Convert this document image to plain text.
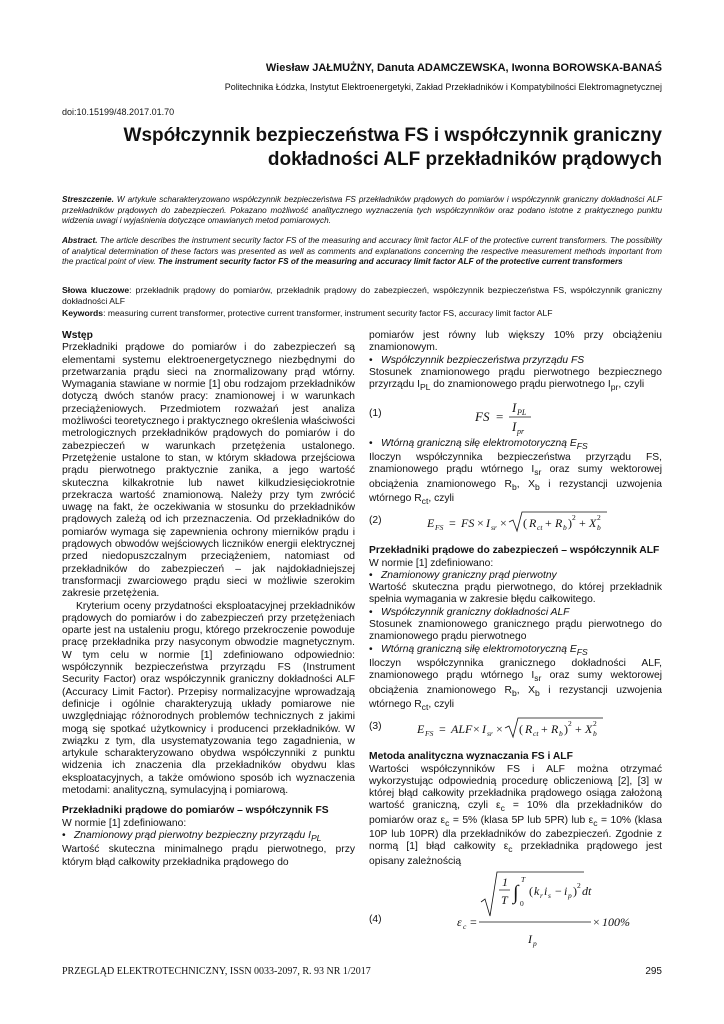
Wiesław JAŁMUŻNY, Danuta ADAMCZEWSKA, Iwonna BOROWSKA-BANAŚ
Politechnika Łódzka, Instytut Elektroenergetyki, Zakład Przekładników i Kompatybilności Elektromagnetycznej
doi:10.15199/48.2017.01.70
Współczynnik bezpieczeństwa FS i współczynnik graniczny
dokładności ALF przekładników prądowych
Streszczenie. W artykule scharakteryzowano współczynnik bezpieczeństwa FS przekładników prądowych do pomiarów i współczynnik graniczny dokładności ALF przekładników prądowych do zabezpieczeń. Pokazano możliwość analitycznego wyznaczenia tych współczynników oraz podano istotne z praktycznego punktu widzenia uwagi i wyjaśnienia dotyczące omawianych metod pomiarowych.
Abstract. The article describes the instrument security factor FS of the measuring and accuracy limit factor ALF of the protective current transformers. The possibility of analytical determination of these factors was presented as well as comments and explanations concerning the respective measurement methods important from the practical point of view. The instrument security factor FS of the measuring and accuracy limit factor ALF of the protective current transformers
Słowa kluczowe: przekładnik prądowy do pomiarów, przekładnik prądowy do zabezpieczeń, współczynnik bezpieczeństwa FS, współczynnik graniczny dokładności ALF
Keywords: measuring current transformer, protective current transformer, instrument security factor FS, accuracy limit factor ALF
Wstęp

Przekładniki prądowe do pomiarów i do zabezpieczeń są elementami systemu elektroenergetycznego niezbędnymi do przetwarzania prądu sieci na znormalizowany prąd wtórny. Wymagania stawiane w normie [1] obu rodzajom przekładników dotyczą dwóch stanów pracy: znamionowej i w warunkach przeciążeniowych. Przedmiotem rozważań jest analiza możliwości teoretycznego i praktycznego określenia właściwości metrologicznych przekładników prądowych do pomiarów i do zabezpieczeń w warunkach przetężenia ustalonego. Przetężenie ustalone to stan, w którym składowa przejściowa prądu pierwotnego praktycznie zanika, a jego wartość skuteczna kilkakrotnie lub nawet kilkudziesięciokrotnie przekracza wartość znamionową. Należy przy tym zwrócić uwagę na fakt, że oczekiwania w stosunku do przekładników prądowych zależą od ich przeznaczenia. Od przekładników do pomiarów wymaga się zapewnienia ochrony mierników prądu i prądowych obwodów wejściowych liczników energii elektrycznej przed niedopuszczalnym przeciążeniem, natomiast od przekładników do zabezpieczeń – jak najdokładniejszej transformacji zwarciowego prądu sieci w możliwie szerokim zakresie przetężenia.

Kryterium oceny przydatności eksploatacyjnej przekładników prądowych do pomiarów i do zabezpieczeń przy przetężeniach oparte jest na ustaleniu progu, którego przekroczenie powoduje pracę przekładnika przy nasyconym obwodzie magnetycznym. W tym celu w normie [1] zdefiniowano odpowiednio: współczynnik bezpieczeństwa przyrządu FS (Instrument Security Factor) oraz współczynnik graniczny dokładności ALF (Accuracy Limit Factor). Przepisy normalizacyjne wprowadzają definicje i ogólnie charakteryzują układy pomiarowe nie uwzględniając różnorodnych problemów technicznych z jakimi mogą się spotkać użytkownicy i producenci przekładników. W związku z tym, dla usystematyzowania tego zagadnienia, w artykule scharakteryzowano obydwa współczynniki z punktu widzenia ich znaczenia dla przekładników obydwu klas eksploatacyjnych, a także omówiono sposób ich wyznaczenia metodami: analityczną, symulacyjną i pomiarową.

Przekładniki prądowe do pomiarów – współczynnik FS

W normie [1] zdefiniowano:

• Znamionowy prąd pierwotny bezpieczny przyrządu $I_{PL}$

Wartość skuteczna minimalnego prądu pierwotnego, przy którym błąd całkowity przekładnika prądowego do

pomiarów jest równy lub większy 10% przy obciążeniu znamionowym.

• Współczynnik bezpieczeństwa przyrządu FS

Stosunek znamionowego prądu pierwotnego bezpiecznego przyrządu $I_{PL}$ do znamionowego prądu pierwotnego $I_{pr}$, czyli

(1)	FS =
I PL
I pr

• Wtórną graniczną siłę elektromotoryczną $E_{FS}$

Iloczyn współczynnika bezpieczeństwa przyrządu FS, znamionowego prądu wtórnego $I_{sr}$ oraz sumy wektorowej obciążenia znamionowego $R_b$, $X_b$ i rezystancji uzwojenia wtórnego $R_{ct}$, czyli

(2)	E FS = FS × I sr × ( R ct + R b ) 2 + X b
2
Przekładniki prądowe do zabezpieczeń – współczynnik ALF

W normie [1] zdefiniowano:

• Znamionowy graniczny prąd pierwotny

Wartość skuteczna prądu pierwotnego, do której przekładnik spełnia wymagania w zakresie błędu całkowitego.

• Współczynnik graniczny dokładności ALF

Stosunek znamionowego granicznego prądu pierwotnego do znamionowego prądu pierwotnego

• Wtórną graniczną siłę elektromotoryczną $E_{FS}$

Iloczyn współczynnika granicznego dokładności ALF, znamionowego prądu wtórnego $I_{sr}$ oraz sumy wektorowej obciążenia znamionowego $R_b$, $X_b$ i rezystancji uzwojenia wtórnego $R_{ct}$, czyli

(3)	E FS = ALF × I sr × ( R ct + R b ) 2 + X b
2
Metoda analityczna wyznaczania FS i ALF

Wartości współczynników FS i ALF można otrzymać wykorzystując odpowiednią procedurę obliczeniową [2], [3] w której błąd całkowity przekładnika prądowego osiąga założoną wartość graniczną, czyli $\varepsilon_c = 10\%$ dla przekładników do pomiarów oraz $\varepsilon_c = 5\%$ (klasa 5P lub 5PR) lub $\varepsilon_c = 10\%$ (klasa 10P lub 10PR) dla przekładników do zabezpieczeń. Zgodnie z normą [1] błąd całkowity $\varepsilon_c$ przekładnika prądowego jest opisany zależnością

(4)	ε c =
1
T ∫
T
0
( k r i s − i p ) 2 dt
I p
× 100%
PRZEGLĄD ELEKTROTECHNICZNY, ISSN 0033-2097, R. 93 NR 1/2017	295
